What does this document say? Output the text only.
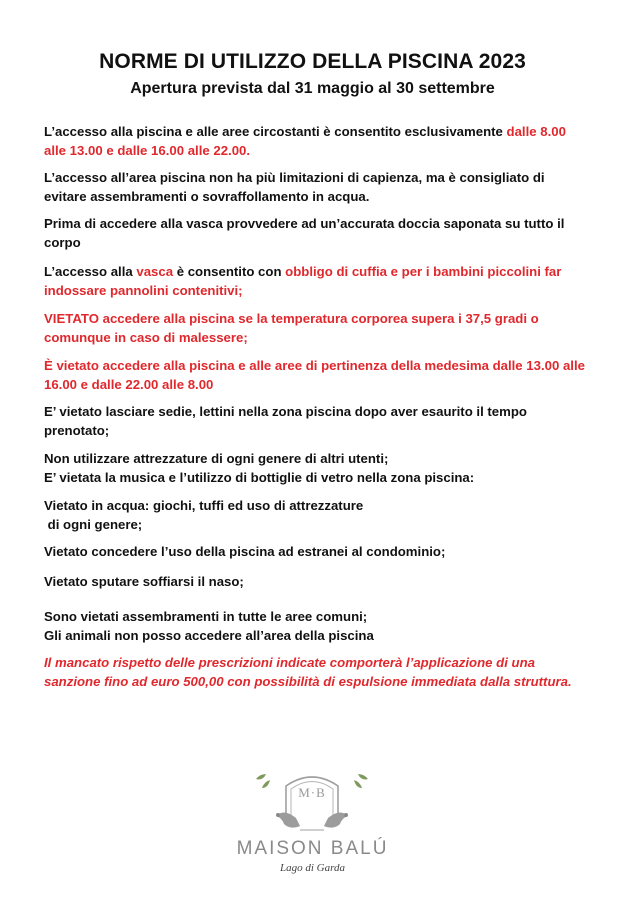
NORME DI UTILIZZO DELLA PISCINA 2023
Apertura prevista dal 31 maggio al 30 settembre

L’accesso alla piscina e alle aree circostanti è consentito esclusivamente dalle 8.00 alle 13.00 e dalle 16.00 alle 22.00.

L’accesso all’area piscina non ha più limitazioni di capienza, ma è consigliato di evitare assembramenti o sovraffollamento in acqua.

Prima di accedere alla vasca provvedere ad un’accurata doccia saponata su tutto il corpo

L’accesso alla vasca è consentito con obbligo di cuffia e per i bambini piccolini far indossare pannolini contenitivi;

VIETATO accedere alla piscina se la temperatura corporea supera i 37,5 gradi o comunque in caso di malessere;

È vietato accedere alla piscina e alle aree di pertinenza della medesima dalle 13.00 alle 16.00 e dalle 22.00 alle 8.00

E’ vietato lasciare sedie, lettini nella zona piscina dopo aver esaurito il tempo prenotato;

Non utilizzare attrezzature di ogni genere di altri utenti;
E’ vietata la musica e l’utilizzo di bottiglie di vetro nella zona piscina:

Vietato in acqua: giochi, tuffi ed uso di attrezzature
di ogni genere;

Vietato concedere l’uso della piscina ad estranei al condominio;

Vietato sputare soffiarsi il naso;

Sono vietati assembramenti in tutte le aree comuni;
Gli animali non posso accedere all’area della piscina

Il mancato rispetto delle prescrizioni indicate comporterà l’applicazione di una sanzione fino ad euro 500,00 con possibilità di espulsione immediata dalla struttura.

M·B
MAISON BALÚ
Lago di Garda
